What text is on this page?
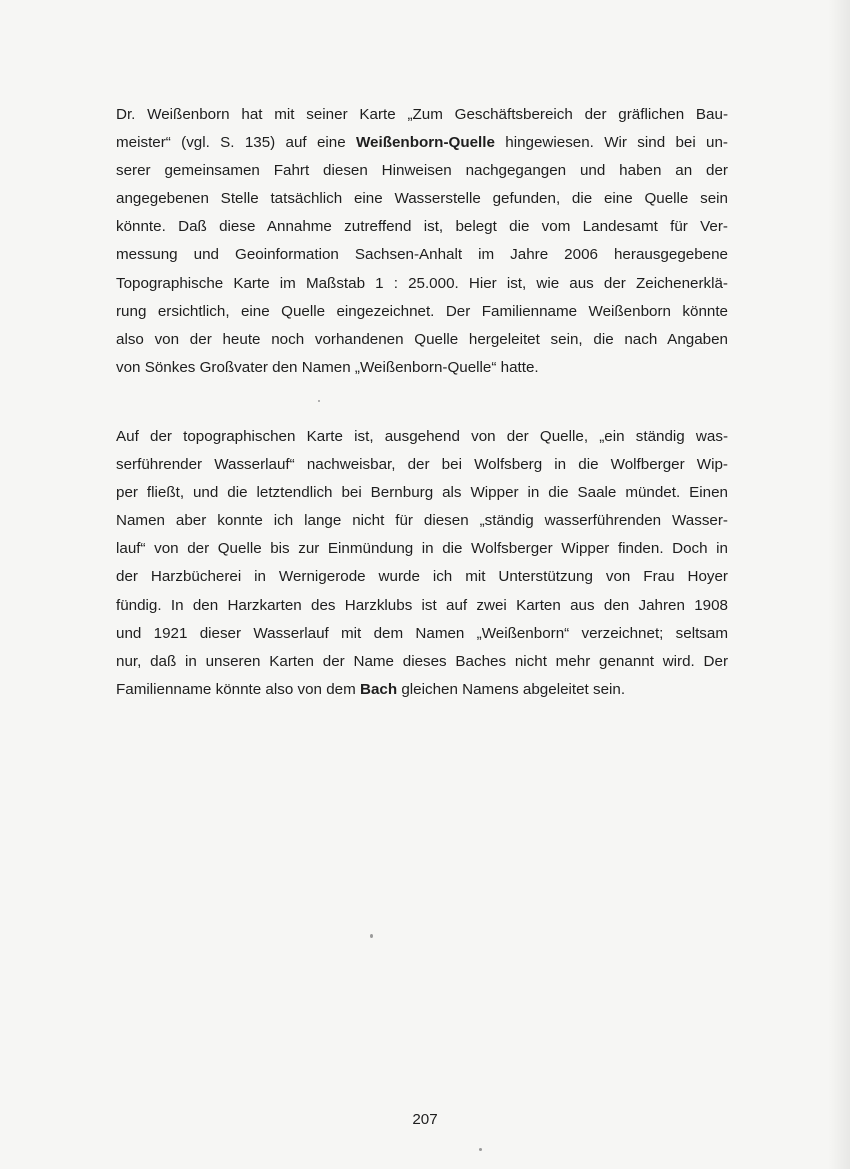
Dr. Weißenborn hat mit seiner Karte „Zum Geschäftsbereich der gräflichen Bau-
meister“ (vgl. S. 135) auf eine Weißenborn-Quelle hingewiesen. Wir sind bei un-
serer gemeinsamen Fahrt diesen Hinweisen nachgegangen und haben an der
angegebenen Stelle tatsächlich eine Wasserstelle gefunden, die eine Quelle sein
könnte. Daß diese Annahme zutreffend ist, belegt die vom Landesamt für Ver-
messung und Geoinformation Sachsen-Anhalt im Jahre 2006 herausgegebene
Topographische Karte im Maßstab 1 : 25.000. Hier ist, wie aus der Zeichenerklä-
rung ersichtlich, eine Quelle eingezeichnet. Der Familienname Weißenborn könnte
also von der heute noch vorhandenen Quelle hergeleitet sein, die nach Angaben
von Sönkes Großvater den Namen „Weißenborn-Quelle“ hatte.
Auf der topographischen Karte ist, ausgehend von der Quelle, „ein ständig was-
serführender Wasserlauf“ nachweisbar, der bei Wolfsberg in die Wolfberger Wip-
per fließt, und die letztendlich bei Bernburg als Wipper in die Saale mündet. Einen
Namen aber konnte ich lange nicht für diesen „ständig wasserführenden Wasser-
lauf“ von der Quelle bis zur Einmündung in die Wolfsberger Wipper finden. Doch in
der Harzbücherei in Wernigerode wurde ich mit Unterstützung von Frau Hoyer
fündig. In den Harzkarten des Harzklubs ist auf zwei Karten aus den Jahren 1908
und 1921 dieser Wasserlauf mit dem Namen „Weißenborn“ verzeichnet; seltsam
nur, daß in unseren Karten der Name dieses Baches nicht mehr genannt wird. Der
Familienname könnte also von dem Bach gleichen Namens abgeleitet sein.
207
